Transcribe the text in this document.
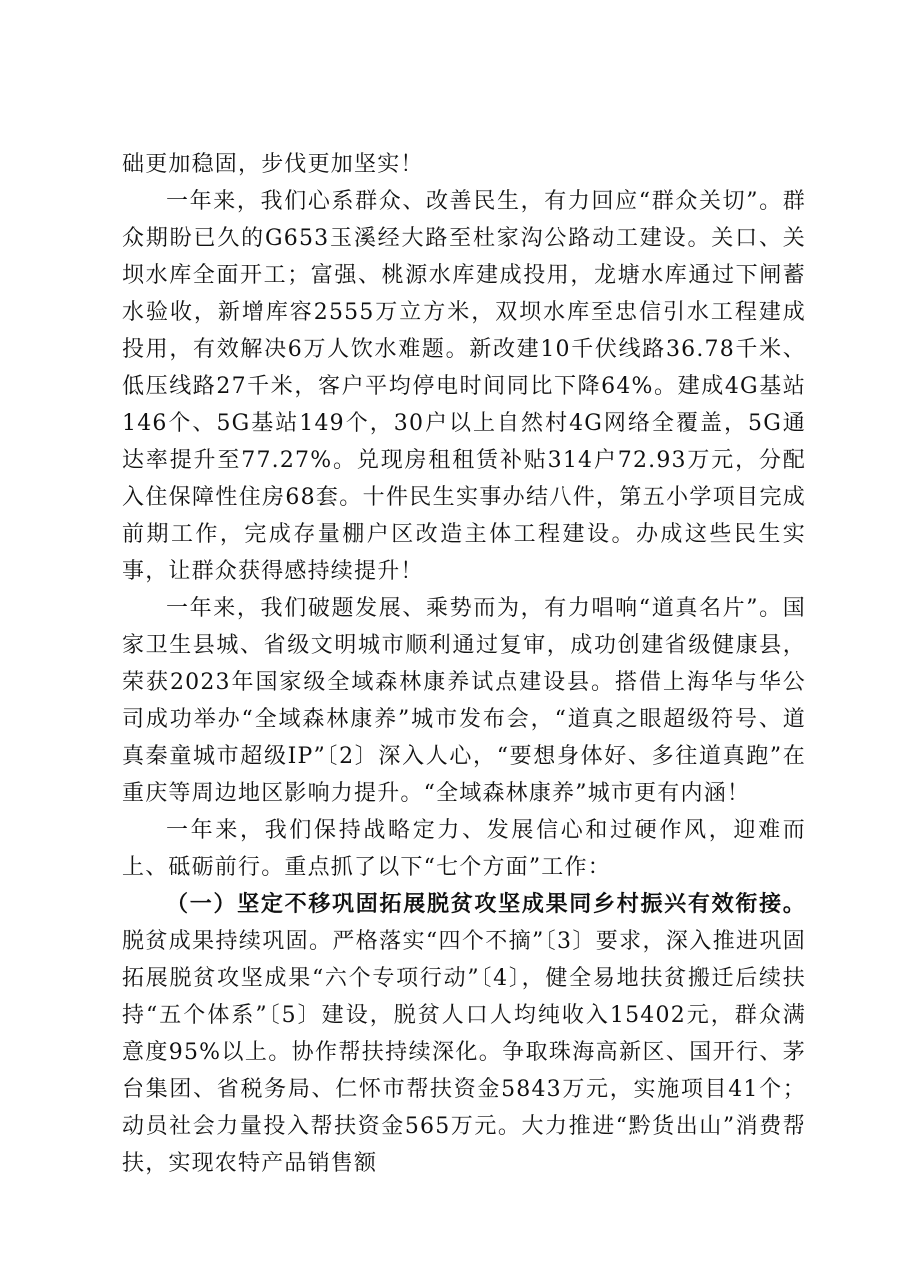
础更加稳固，步伐更加坚实！

一年来，我们心系群众、改善民生，有力回应“群众关切”。群众期盼已久的G653玉溪经大路至杜家沟公路动工建设。关口、关坝水库全面开工；富强、桃源水库建成投用，龙塘水库通过下闸蓄水验收，新增库容2555万立方米，双坝水库至忠信引水工程建成投用，有效解决6万人饮水难题。新改建10千伏线路36.78千米、低压线路27千米，客户平均停电时间同比下降64%。建成4G基站146个、5G基站149个，30户以上自然村4G网络全覆盖，5G通达率提升至77.27%。兑现房租租赁补贴314户72.93万元，分配入住保障性住房68套。十件民生实事办结八件，第五小学项目完成前期工作，完成存量棚户区改造主体工程建设。办成这些民生实事，让群众获得感持续提升！

一年来，我们破题发展、乘势而为，有力唱响“道真名片”。国家卫生县城、省级文明城市顺利通过复审，成功创建省级健康县，荣获2023年国家级全域森林康养试点建设县。搭借上海华与华公司成功举办“全域森林康养”城市发布会，“道真之眼超级符号、道真秦童城市超级IP”〔2〕深入人心，“要想身体好、多往道真跑”在重庆等周边地区影响力提升。“全域森林康养”城市更有内涵！

一年来，我们保持战略定力、发展信心和过硬作风，迎难而上、砥砺前行。重点抓了以下“七个方面”工作：

（一）坚定不移巩固拓展脱贫攻坚成果同乡村振兴有效衔接。脱贫成果持续巩固。严格落实“四个不摘”〔3〕要求，深入推进巩固拓展脱贫攻坚成果“六个专项行动”〔4〕，健全易地扶贫搬迁后续扶持“五个体系”〔5〕建设，脱贫人口人均纯收入15402元，群众满意度95%以上。协作帮扶持续深化。争取珠海高新区、国开行、茅台集团、省税务局、仁怀市帮扶资金5843万元，实施项目41个；动员社会力量投入帮扶资金565万元。大力推进“黔货出山”消费帮扶，实现农特产品销售额
